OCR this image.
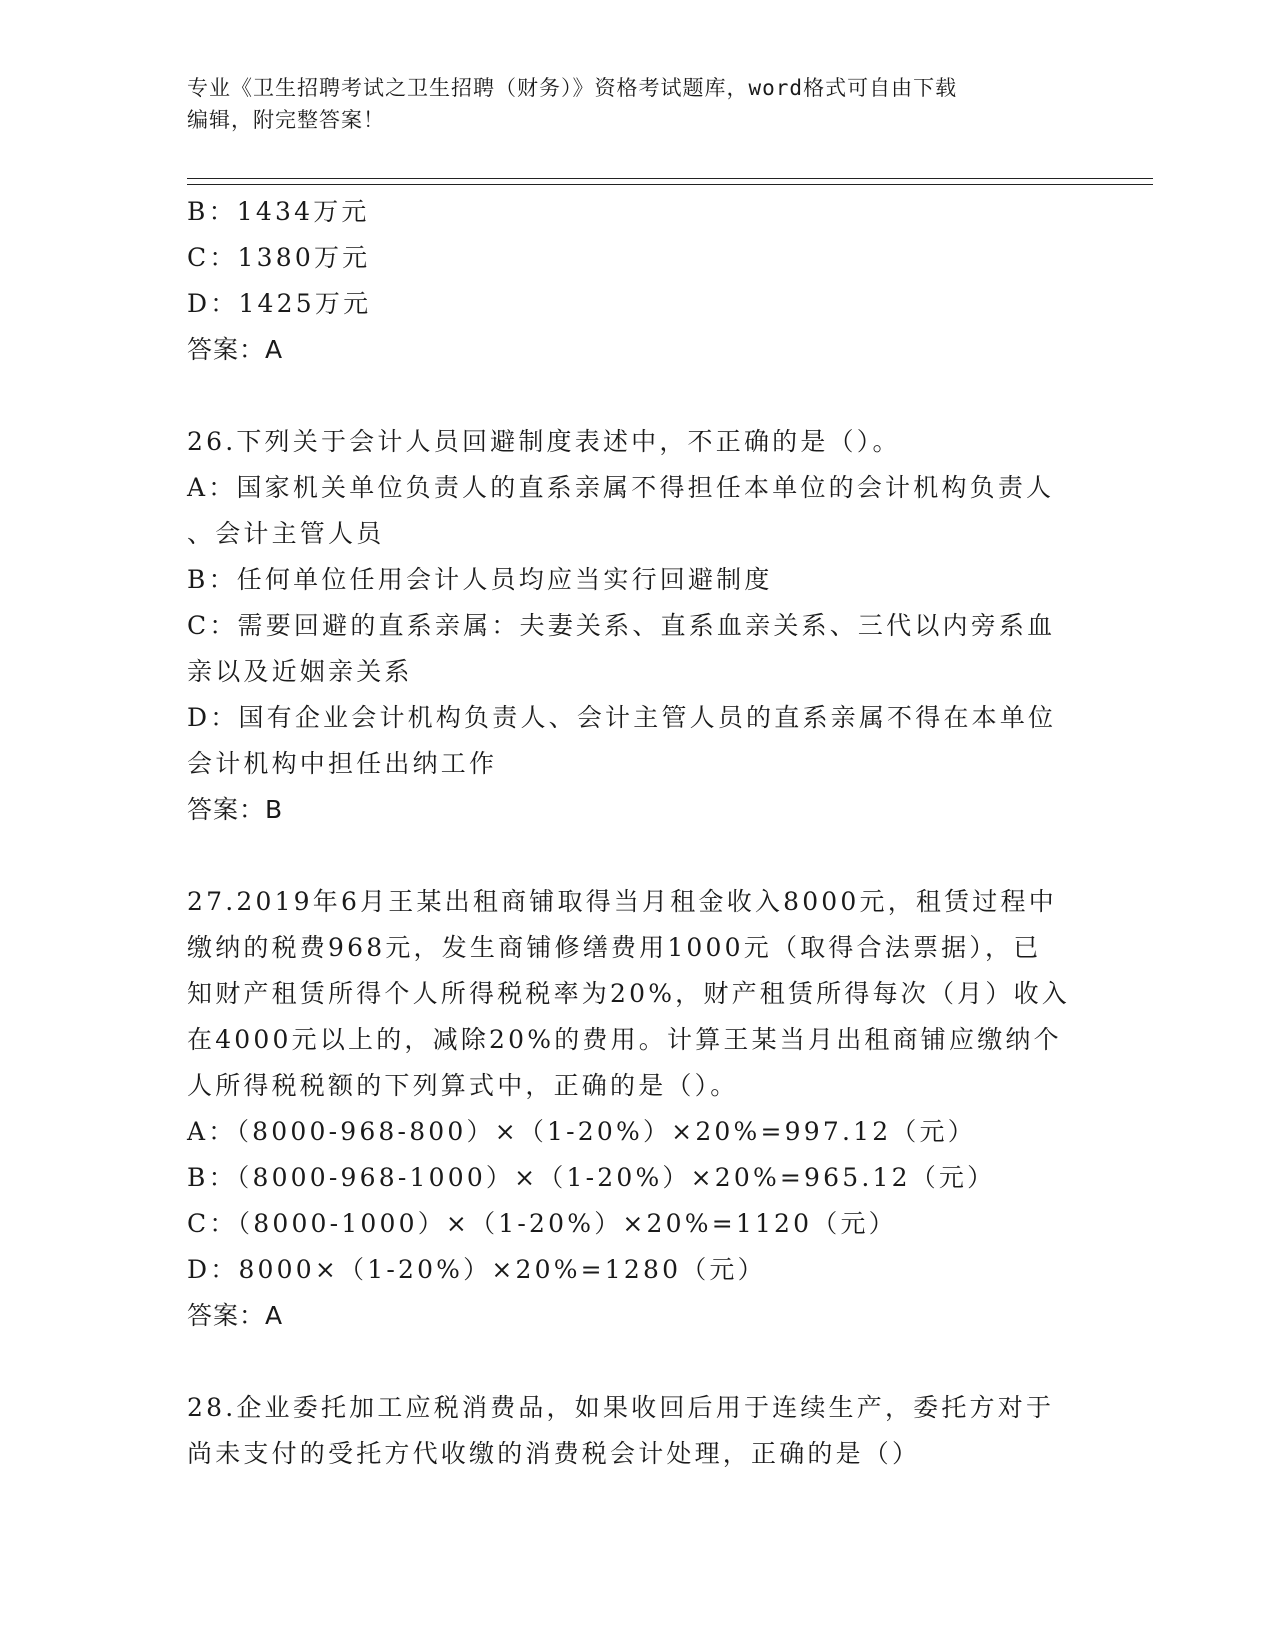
专业《卫生招聘考试之卫生招聘（财务）》资格考试题库，word格式可自由下载
编辑，附完整答案！
B：1434万元
C：1380万元
D：1425万元
答案：A
26.下列关于会计人员回避制度表述中，不正确的是（）。
A：国家机关单位负责人的直系亲属不得担任本单位的会计机构负责人
、会计主管人员
B：任何单位任用会计人员均应当实行回避制度
C：需要回避的直系亲属：夫妻关系、直系血亲关系、三代以内旁系血
亲以及近姻亲关系
D：国有企业会计机构负责人、会计主管人员的直系亲属不得在本单位
会计机构中担任出纳工作
答案：B
27.2019年6月王某出租商铺取得当月租金收入8000元，租赁过程中
缴纳的税费968元，发生商铺修缮费用1000元（取得合法票据），已
知财产租赁所得个人所得税税率为20%，财产租赁所得每次（月）收入
在4000元以上的，减除20%的费用。计算王某当月出租商铺应缴纳个
人所得税税额的下列算式中，正确的是（）。
A：（8000-968-800）×（1-20%）×20%=997.12（元）
B：（8000-968-1000）×（1-20%）×20%=965.12（元）
C：（8000-1000）×（1-20%）×20%=1120（元）
D：8000×（1-20%）×20%=1280（元）
答案：A
28.企业委托加工应税消费品，如果收回后用于连续生产，委托方对于
尚未支付的受托方代收缴的消费税会计处理，正确的是（）
